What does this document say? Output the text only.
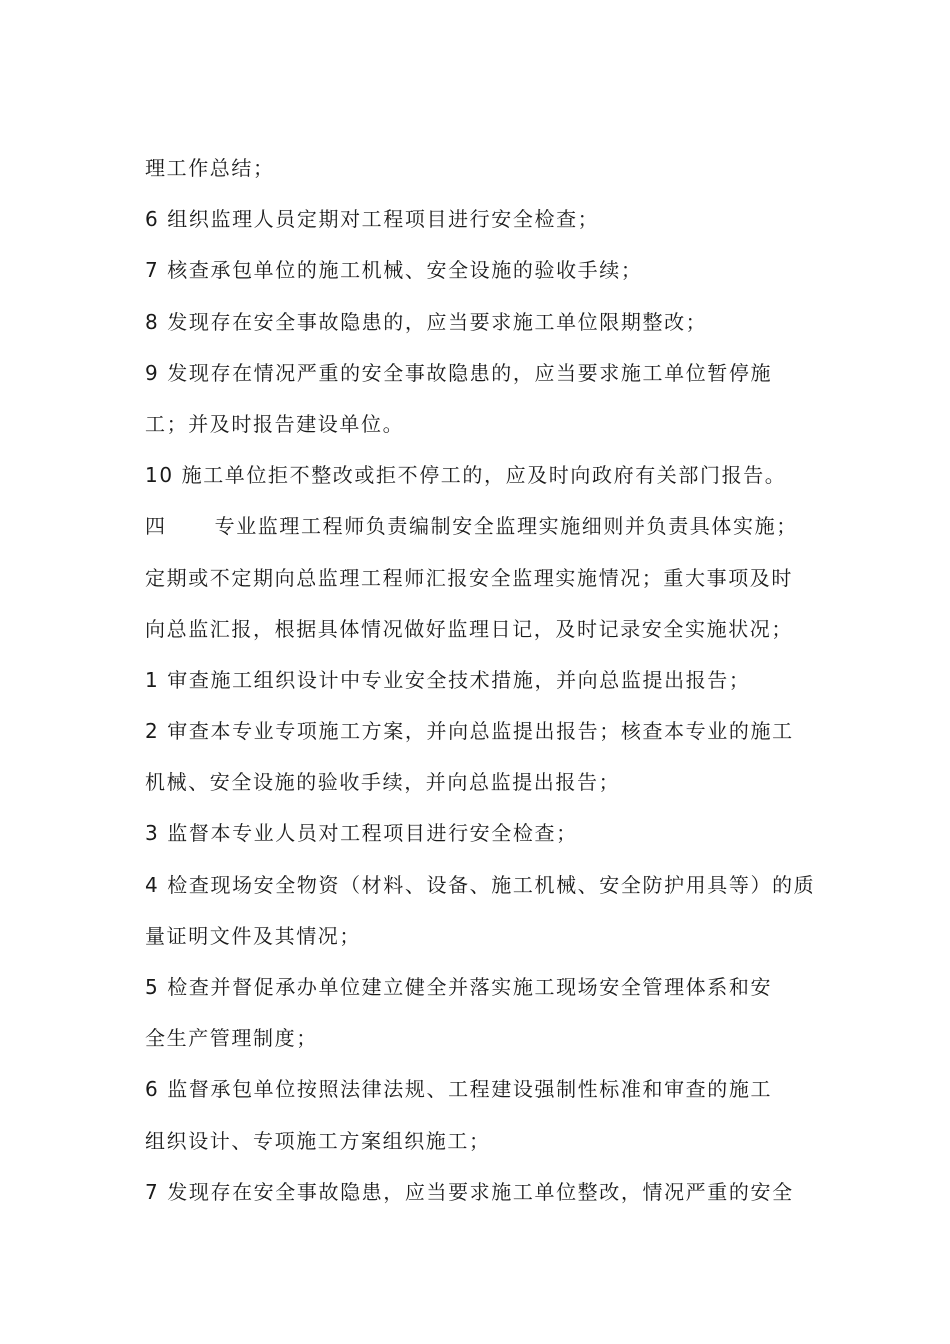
理工作总结；
6 组织监理人员定期对工程项目进行安全检查；
7 核查承包单位的施工机械、安全设施的验收手续；
8 发现存在安全事故隐患的，应当要求施工单位限期整改；
9 发现存在情况严重的安全事故隐患的，应当要求施工单位暂停施
工；并及时报告建设单位。
10 施工单位拒不整改或拒不停工的，应及时向政府有关部门报告。
四 专业监理工程师负责编制安全监理实施细则并负责具体实施；
定期或不定期向总监理工程师汇报安全监理实施情况；重大事项及时
向总监汇报，根据具体情况做好监理日记，及时记录安全实施状况；
1 审查施工组织设计中专业安全技术措施，并向总监提出报告；
2 审查本专业专项施工方案，并向总监提出报告；核查本专业的施工
机械、安全设施的验收手续，并向总监提出报告；
3 监督本专业人员对工程项目进行安全检查；
4 检查现场安全物资（材料、设备、施工机械、安全防护用具等）的质
量证明文件及其情况；
5 检查并督促承办单位建立健全并落实施工现场安全管理体系和安
全生产管理制度；
6 监督承包单位按照法律法规、工程建设强制性标准和审查的施工
组织设计、专项施工方案组织施工；
7 发现存在安全事故隐患，应当要求施工单位整改，情况严重的安全
